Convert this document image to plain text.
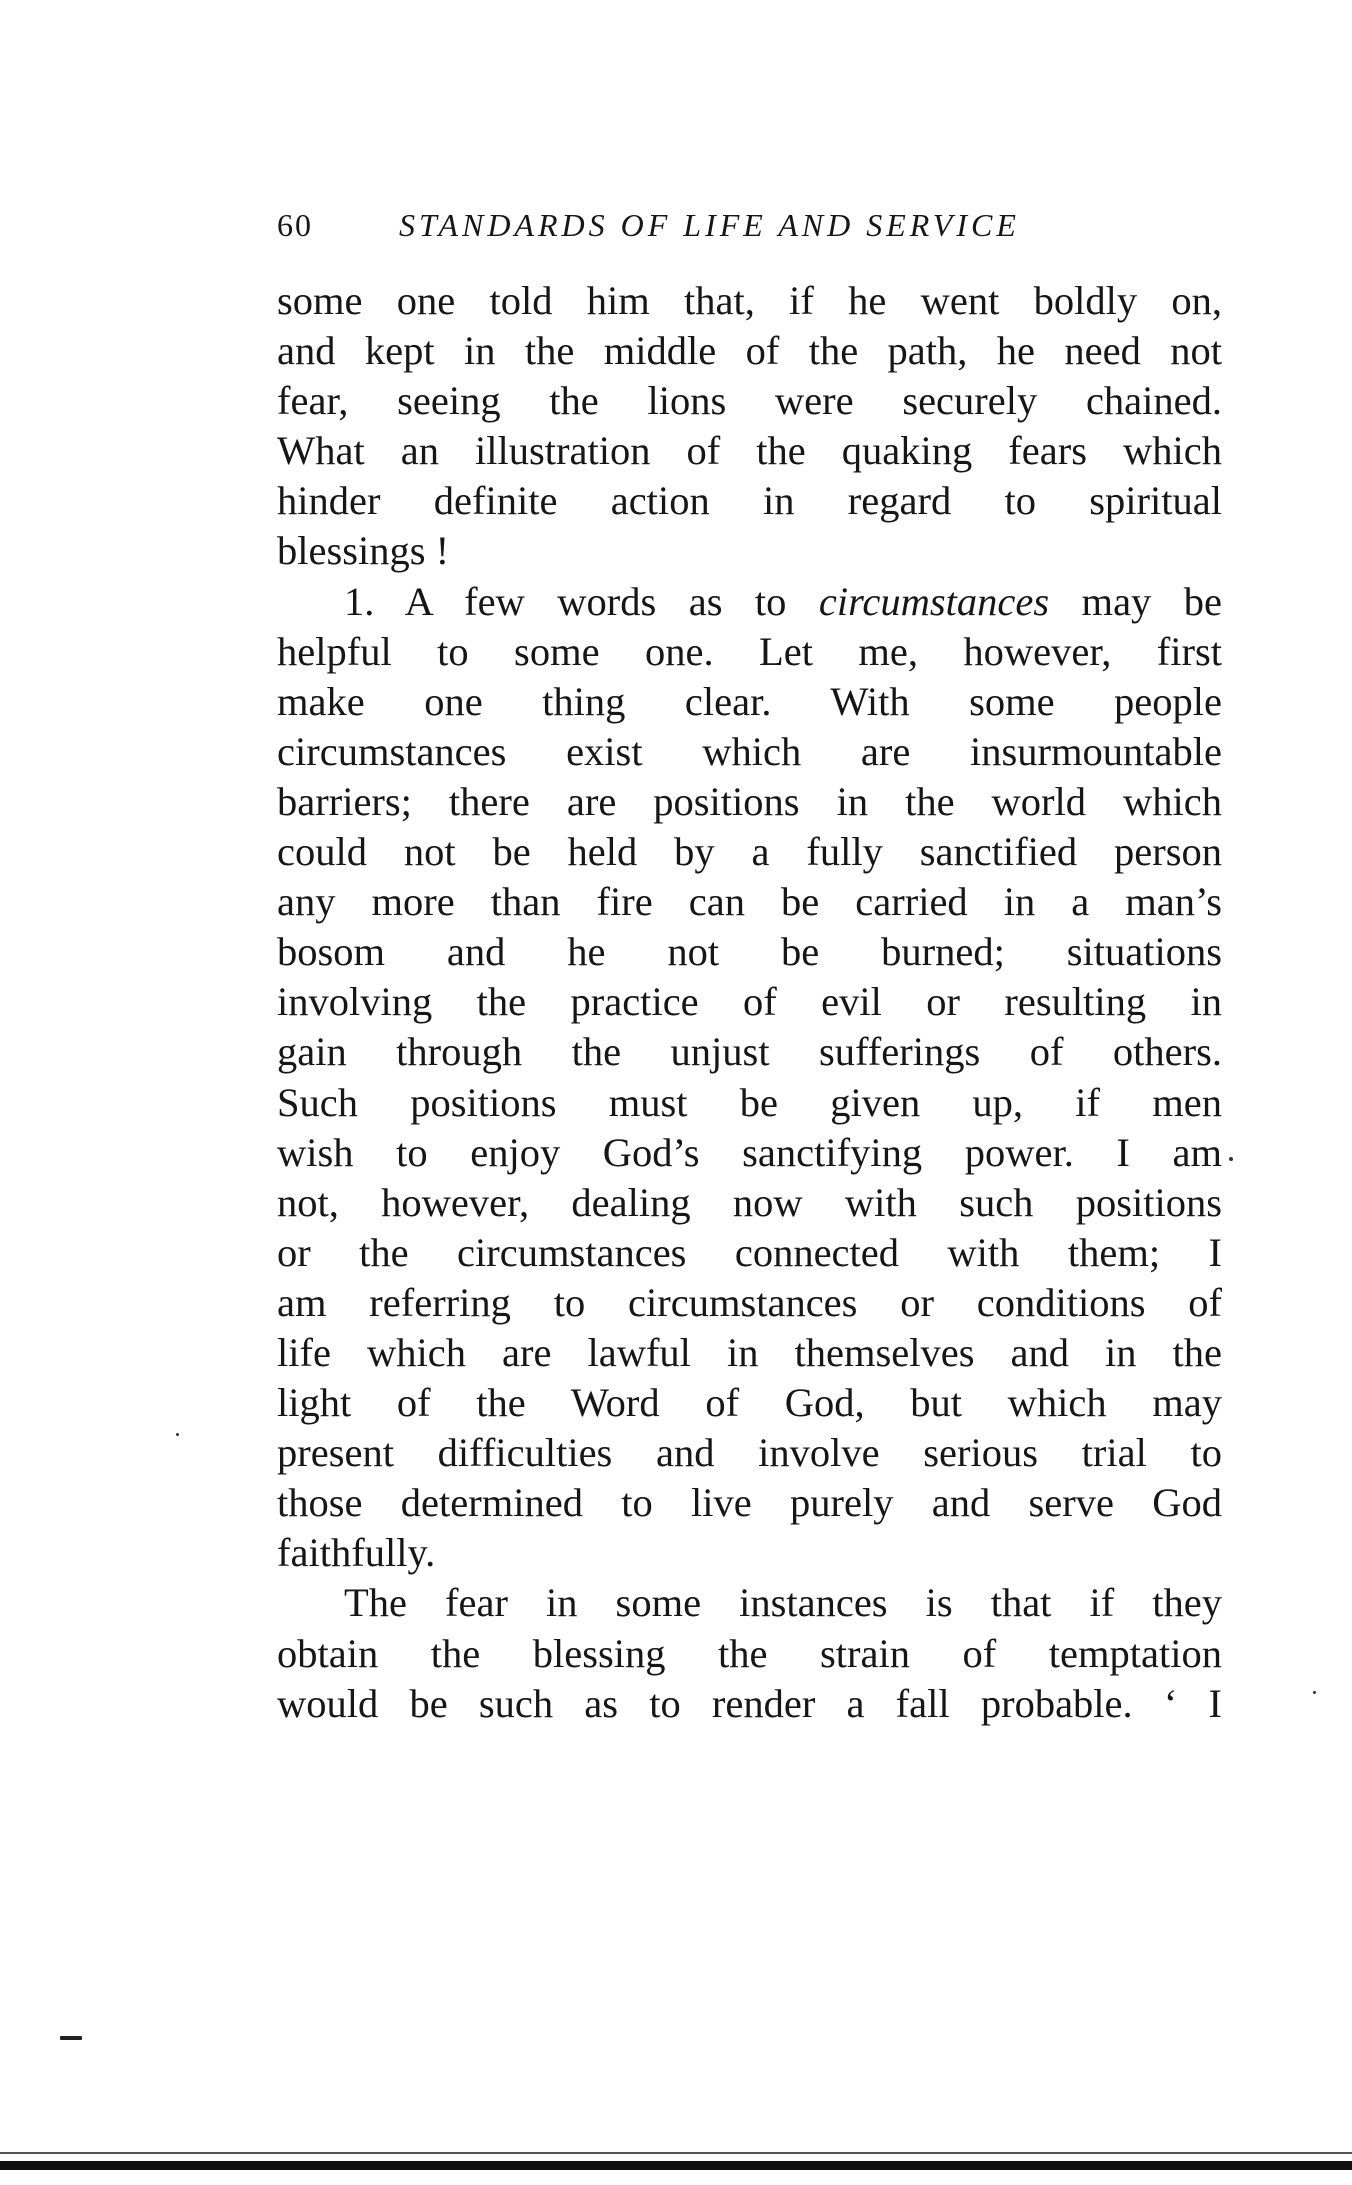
60	STANDARDS OF LIFE AND SERVICE
some one told him that, if he went boldly on,
and kept in the middle of the path, he need not
fear, seeing the lions were securely chained.
What an illustration of the quaking fears which
hinder definite action in regard to spiritual
blessings !
1. A few words as to circumstances may be
helpful to some one. Let me, however, first
make one thing clear. With some people
circumstances exist which are insurmountable
barriers; there are positions in the world which
could not be held by a fully sanctified person
any more than fire can be carried in a man’s
bosom and he not be burned; situations
involving the practice of evil or resulting in
gain through the unjust sufferings of others.
Such positions must be given up, if men
wish to enjoy God’s sanctifying power. I am
not, however, dealing now with such positions
or the circumstances connected with them; I
am referring to circumstances or conditions of
life which are lawful in themselves and in the
light of the Word of God, but which may
present difficulties and involve serious trial to
those determined to live purely and serve God
faithfully.
The fear in some instances is that if they
obtain the blessing the strain of temptation
would be such as to render a fall probable. ‘ I
